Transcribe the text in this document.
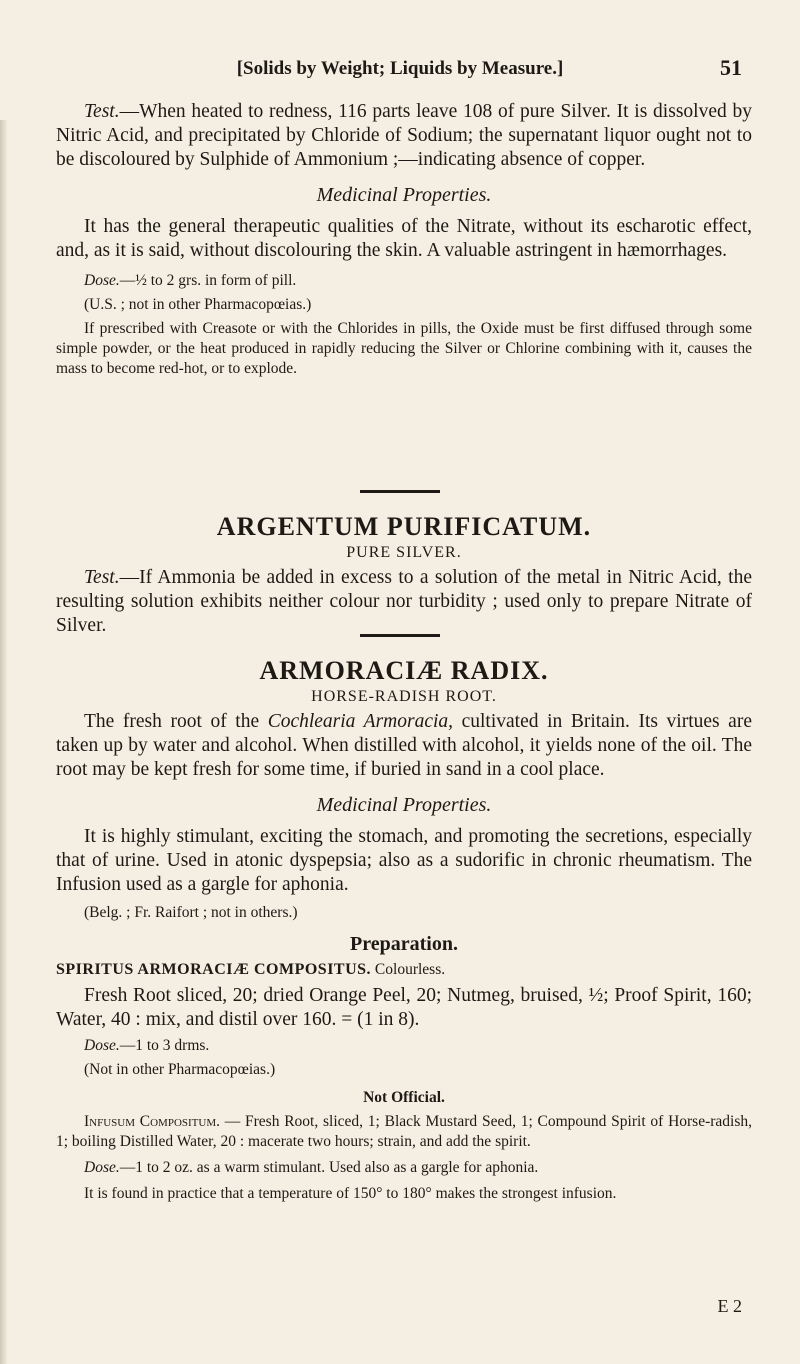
[Solids by Weight; Liquids by Measure.]	51

Test.—When heated to redness, 116 parts leave 108 of pure Silver. It is dissolved by Nitric Acid, and precipitated by Chloride of Sodium; the supernatant liquor ought not to be discoloured by Sulphide of Ammonium ;—indicating absence of copper.

Medicinal Properties.

It has the general therapeutic qualities of the Nitrate, without its escharotic effect, and, as it is said, without discolouring the skin. A valuable astringent in hæmorrhages.

Dose.—½ to 2 grs. in form of pill.

(U.S. ; not in other Pharmacopœias.)

If prescribed with Creasote or with the Chlorides in pills, the Oxide must be first diffused through some simple powder, or the heat produced in rapidly reducing the Silver or Chlorine combining with it, causes the mass to become red-hot, or to explode.

ARGENTUM PURIFICATUM.

PURE SILVER.

Test.—If Ammonia be added in excess to a solution of the metal in Nitric Acid, the resulting solution exhibits neither colour nor turbidity ; used only to prepare Nitrate of Silver.

ARMORACIÆ RADIX.

HORSE-RADISH ROOT.

The fresh root of the Cochlearia Armoracia, cultivated in Britain. Its virtues are taken up by water and alcohol. When distilled with alcohol, it yields none of the oil. The root may be kept fresh for some time, if buried in sand in a cool place.

Medicinal Properties.

It is highly stimulant, exciting the stomach, and promoting the secretions, especially that of urine. Used in atonic dyspepsia; also as a sudorific in chronic rheumatism. The Infusion used as a gargle for aphonia.

(Belg. ; Fr. Raifort ; not in others.)

Preparation.

SPIRITUS ARMORACIÆ COMPOSITUS. Colourless.

Fresh Root sliced, 20; dried Orange Peel, 20; Nutmeg, bruised, ½; Proof Spirit, 160; Water, 40 : mix, and distil over 160. = (1 in 8).

Dose.—1 to 3 drms.

(Not in other Pharmacopœias.)

Not Official.

Infusum Compositum. — Fresh Root, sliced, 1; Black Mustard Seed, 1; Compound Spirit of Horse-radish, 1; boiling Distilled Water, 20 : macerate two hours; strain, and add the spirit.

Dose.—1 to 2 oz. as a warm stimulant. Used also as a gargle for aphonia.

It is found in practice that a temperature of 150° to 180° makes the strongest infusion.

E 2
